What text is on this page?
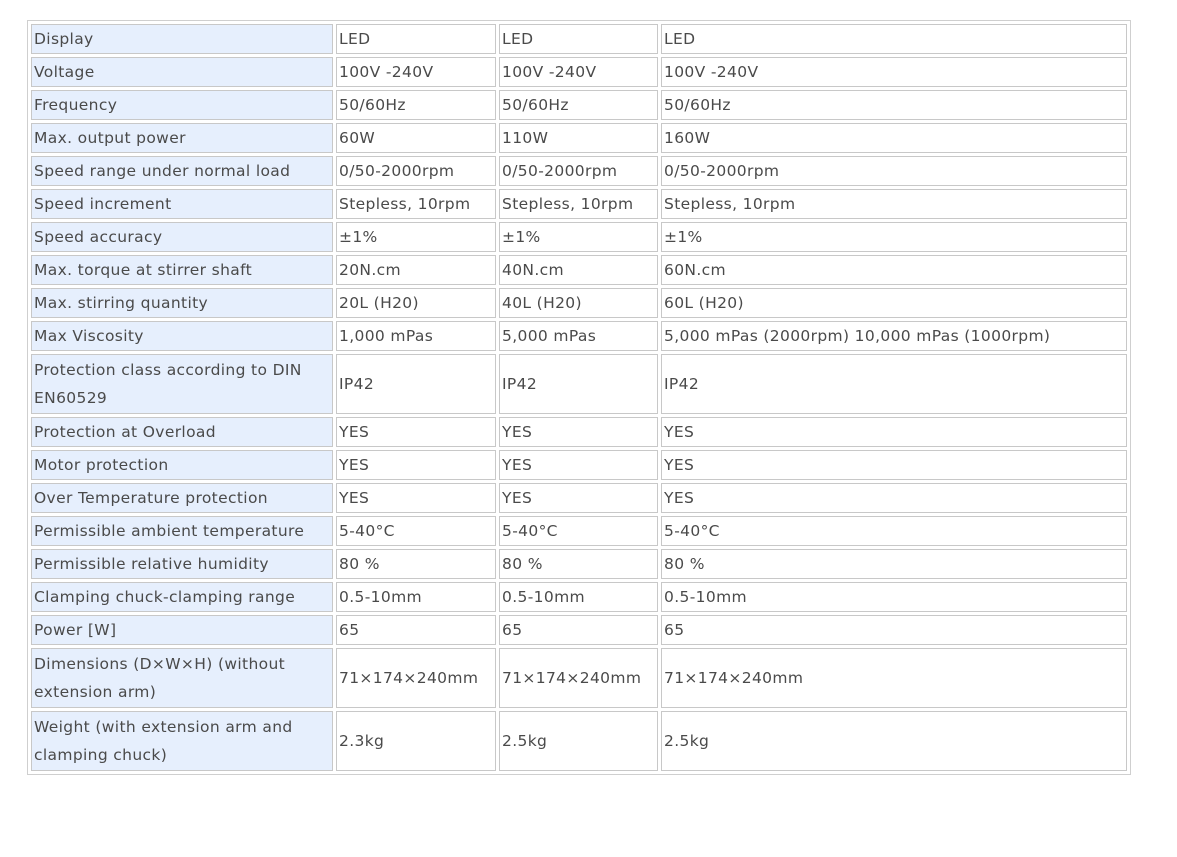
Display	LED	LED	LED
Voltage	100V -240V	100V -240V	100V -240V
Frequency	50/60Hz	50/60Hz	50/60Hz
Max. output power	60W	110W	160W
Speed range under normal load	0/50-2000rpm	0/50-2000rpm	0/50-2000rpm
Speed increment	Stepless, 10rpm	Stepless, 10rpm	Stepless, 10rpm
Speed accuracy	±1%	±1%	±1%
Max. torque at stirrer shaft	20N.cm	40N.cm	60N.cm
Max. stirring quantity	20L (H20)	40L (H20)	60L (H20)
Max Viscosity	1,000 mPas	5,000 mPas	5,000 mPas (2000rpm) 10,000 mPas (1000rpm)
Protection class according to DIN EN60529	IP42	IP42	IP42
Protection at Overload	YES	YES	YES
Motor protection	YES	YES	YES
Over Temperature protection	YES	YES	YES
Permissible ambient temperature	5-40°C	5-40°C	5-40°C
Permissible relative humidity	80 %	80 %	80 %
Clamping chuck-clamping range	0.5-10mm	0.5-10mm	0.5-10mm
Power [W]	65	65	65
Dimensions (D×W×H) (without extension arm)	71×174×240mm	71×174×240mm	71×174×240mm
Weight (with extension arm and clamping chuck)	2.3kg	2.5kg	2.5kg
